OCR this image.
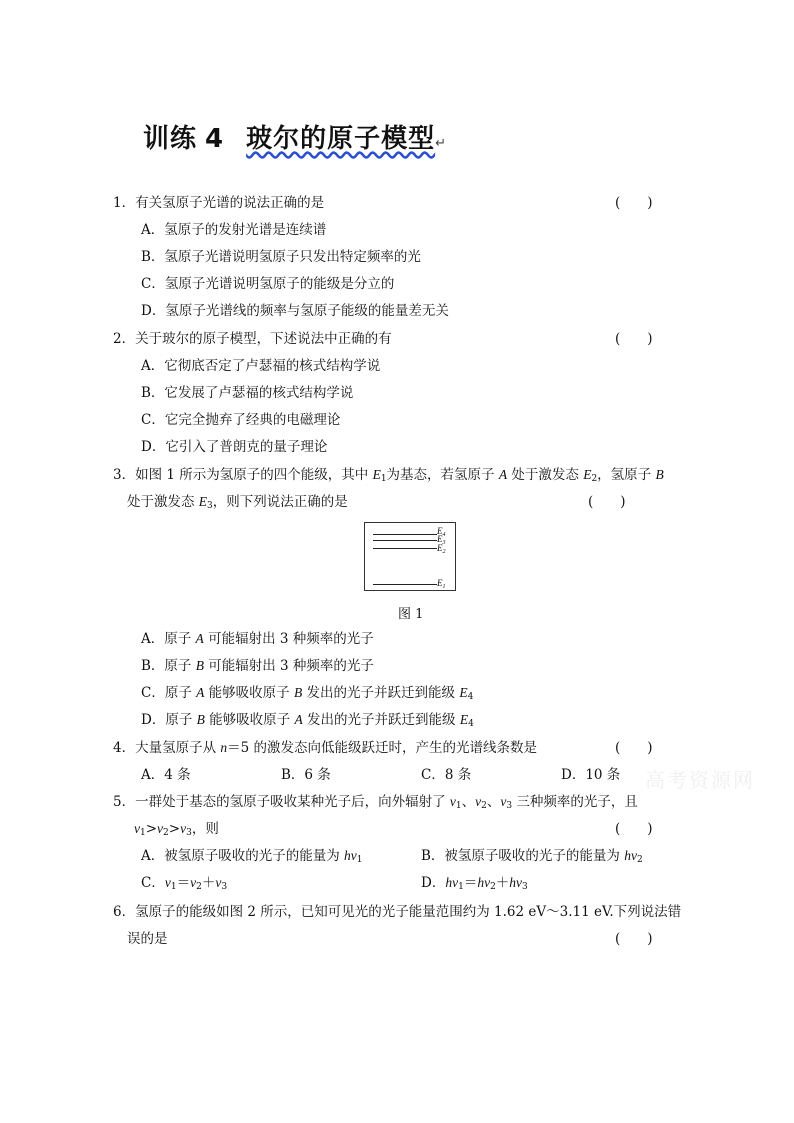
训练 4 玻尔的原子模型↵
1．有关氢原子光谱的说法正确的是	(　　)
A．氢原子的发射光谱是连续谱
B．氢原子光谱说明氢原子只发出特定频率的光
C．氢原子光谱说明氢原子的能级是分立的
D．氢原子光谱线的频率与氢原子能级的能量差无关
2．关于玻尔的原子模型，下述说法中正确的有	(　　)
A．它彻底否定了卢瑟福的核式结构学说
B．它发展了卢瑟福的核式结构学说
C．它完全抛弃了经典的电磁理论
D．它引入了普朗克的量子理论
3．如图 1 所示为氢原子的四个能级，其中 $E_1$为基态，若氢原子 A 处于激发态 $E_2$，氢原子 B
处于激发态 $E_3$，则下列说法正确的是	(　　)
$E_4$
$E_3$
$E_2$
$E_1$
图 1
A．原子 A 可能辐射出 3 种频率的光子
B．原子 B 可能辐射出 3 种频率的光子
C．原子 A 能够吸收原子 B 发出的光子并跃迁到能级 $E_4$
D．原子 B 能够吸收原子 A 发出的光子并跃迁到能级 $E_4$
4．大量氢原子从 n＝5 的激发态向低能级跃迁时，产生的光谱线条数是	(　　)
A．4 条	B．6 条	C．8 条	D．10 条 高考资源网
5．一群处于基态的氢原子吸收某种光子后，向外辐射了 $\nu_1$、$\nu_2$、$\nu_3$ 三种频率的光子，且
$\nu_1>\nu_2>\nu_3$，则	(　　)
A．被氢原子吸收的光子的能量为 $h\nu_1$	B．被氢原子吸收的光子的能量为 $h\nu_2$
C．$\nu_1=\nu_2+\nu_3$	D．$h\nu_1=h\nu_2+h\nu_3$
6．氢原子的能级如图 2 所示，已知可见光的光子能量范围约为 1.62 eV～3.11 eV.下列说法错
误的是	(　　)
